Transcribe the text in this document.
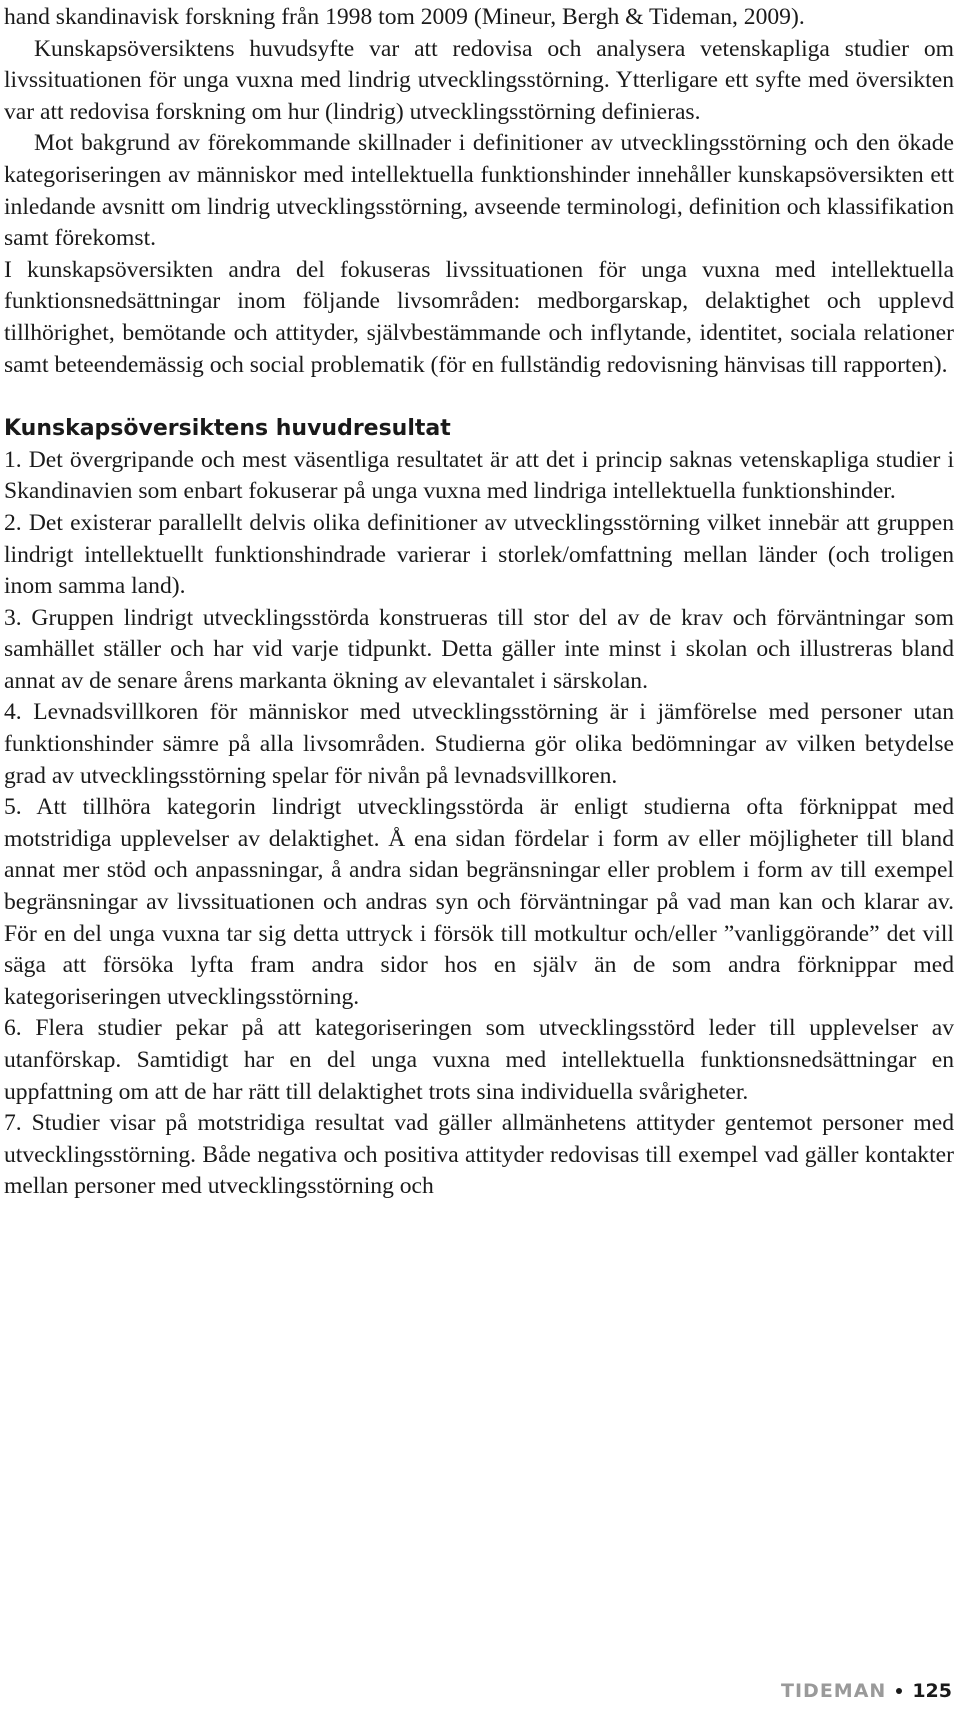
hand skandinavisk forskning från 1998 tom 2009 (Mineur, Bergh & Tideman, 2009).

Kunskapsöversiktens huvudsyfte var att redovisa och analysera vetenskapliga studier om livssituationen för unga vuxna med lindrig utvecklingsstörning. Ytterligare ett syfte med översikten var att redovisa forskning om hur (lindrig) utvecklingsstörning definieras.

Mot bakgrund av förekommande skillnader i definitioner av utvecklingsstörning och den ökade kategoriseringen av människor med intellektuella funktionshinder innehåller kunskapsöversikten ett inledande avsnitt om lindrig utvecklingsstörning, avseende terminologi, definition och klassifikation samt förekomst.

I kunskapsöversikten andra del fokuseras livssituationen för unga vuxna med intellektuella funktionsnedsättningar inom följande livsområden: medborgarskap, delaktighet och upplevd tillhörighet, bemötande och attityder, självbestämmande och inflytande, identitet, sociala relationer samt beteendemässig och social problematik (för en fullständig redovisning hänvisas till rapporten).

Kunskapsöversiktens huvudresultat

1. Det övergripande och mest väsentliga resultatet är att det i princip saknas vetenskapliga studier i Skandinavien som enbart fokuserar på unga vuxna med lindriga intellektuella funktionshinder.

2. Det existerar parallellt delvis olika definitioner av utvecklingsstörning vilket innebär att gruppen lindrigt intellektuellt funktionshindrade varierar i storlek/omfattning mellan länder (och troligen inom samma land).

3. Gruppen lindrigt utvecklingsstörda konstrueras till stor del av de krav och förväntningar som samhället ställer och har vid varje tidpunkt. Detta gäller inte minst i skolan och illustreras bland annat av de senare årens markanta ökning av elevantalet i särskolan.

4. Levnadsvillkoren för människor med utvecklingsstörning är i jämförelse med personer utan funktionshinder sämre på alla livsområden. Studierna gör olika bedömningar av vilken betydelse grad av utvecklingsstörning spelar för nivån på levnadsvillkoren.

5. Att tillhöra kategorin lindrigt utvecklingsstörda är enligt studierna ofta förknippat med motstridiga upplevelser av delaktighet. Å ena sidan fördelar i form av eller möjligheter till bland annat mer stöd och anpassningar, å andra sidan begränsningar eller problem i form av till exempel begränsningar av livssituationen och andras syn och förväntningar på vad man kan och klarar av. För en del unga vuxna tar sig detta uttryck i försök till motkultur och/eller ”vanliggörande” det vill säga att försöka lyfta fram andra sidor hos en själv än de som andra förknippar med kategoriseringen utvecklingsstörning.

6. Flera studier pekar på att kategoriseringen som utvecklingsstörd leder till upplevelser av utanförskap. Samtidigt har en del unga vuxna med intellektuella funktionsnedsättningar en uppfattning om att de har rätt till delaktighet trots sina individuella svårigheter.

7. Studier visar på motstridiga resultat vad gäller allmänhetens attityder gentemot personer med utvecklingsstörning. Både negativa och positiva attityder redovisas till exempel vad gäller kontakter mellan personer med utvecklingsstörning och

TIDEMAN 125
